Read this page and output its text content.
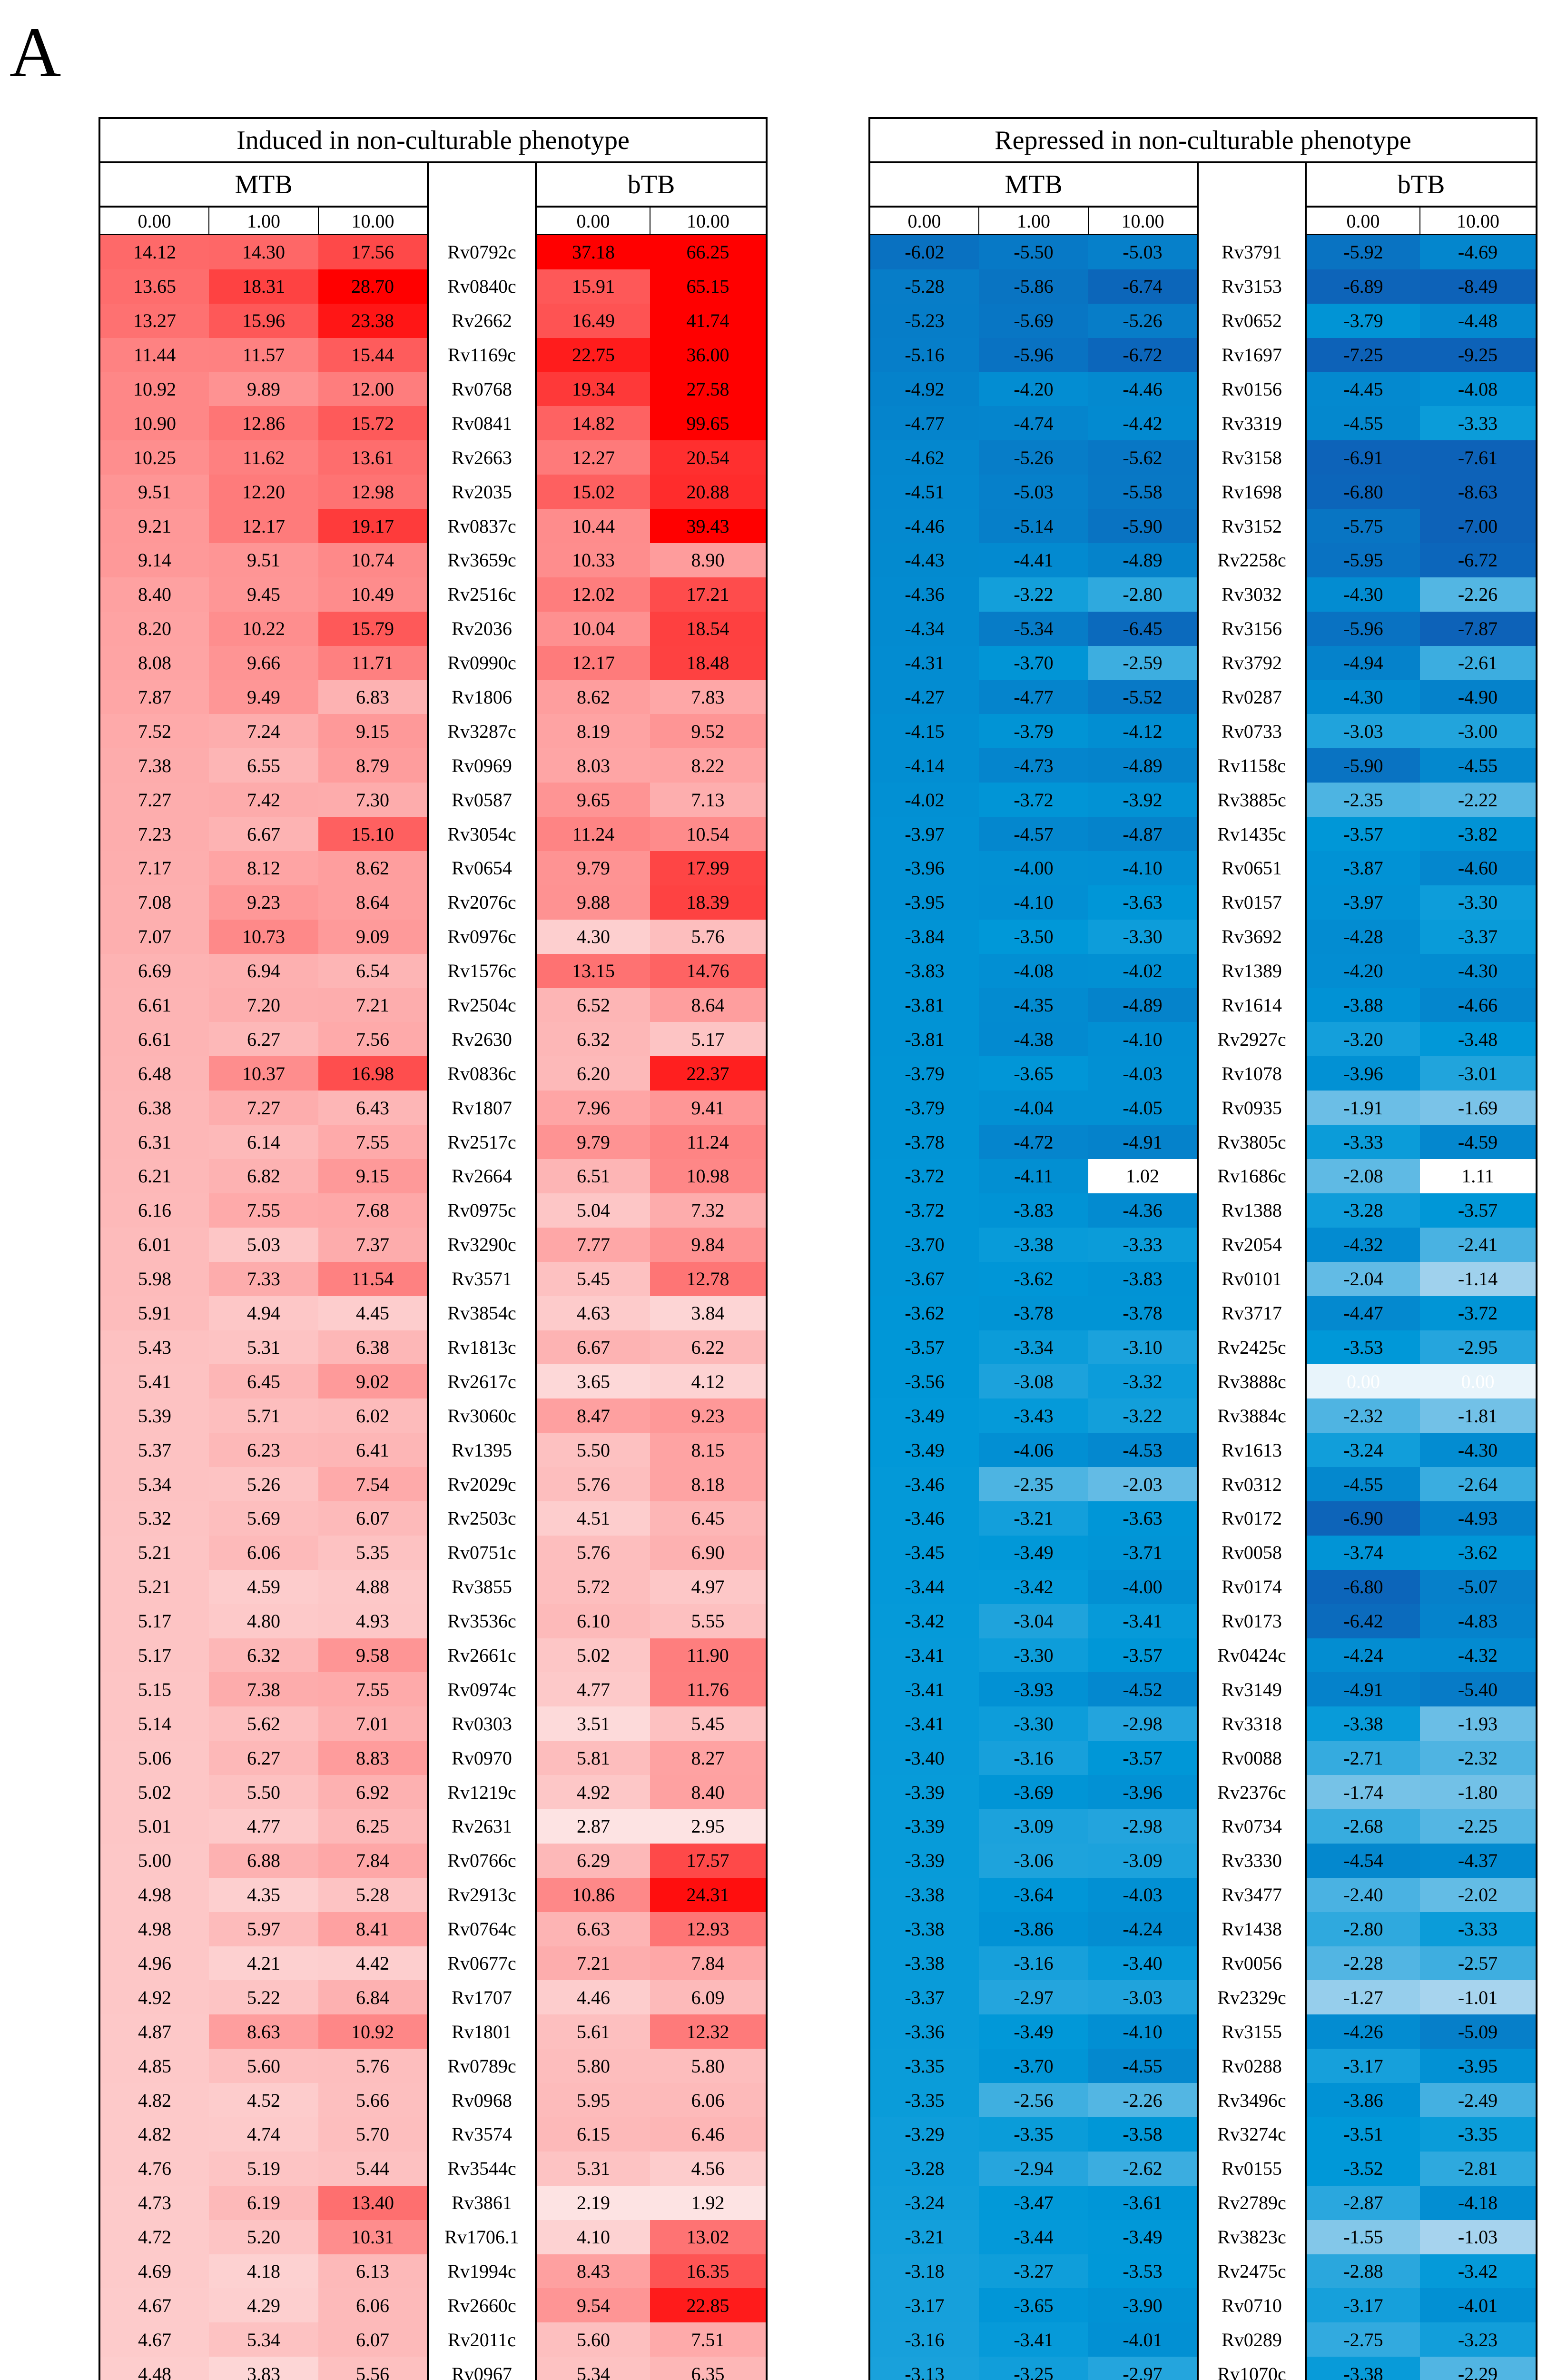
A
Induced in non-culturable phenotype					
MTB				bTB	
0.00	1.00	10.00		0.00	10.00
14.12	14.30	17.56	Rv0792c	37.18	66.25
13.65	18.31	28.70	Rv0840c	15.91	65.15
13.27	15.96	23.38	Rv2662	16.49	41.74
11.44	11.57	15.44	Rv1169c	22.75	36.00
10.92	9.89	12.00	Rv0768	19.34	27.58
10.90	12.86	15.72	Rv0841	14.82	99.65
10.25	11.62	13.61	Rv2663	12.27	20.54
9.51	12.20	12.98	Rv2035	15.02	20.88
9.21	12.17	19.17	Rv0837c	10.44	39.43
9.14	9.51	10.74	Rv3659c	10.33	8.90
8.40	9.45	10.49	Rv2516c	12.02	17.21
8.20	10.22	15.79	Rv2036	10.04	18.54
8.08	9.66	11.71	Rv0990c	12.17	18.48
7.87	9.49	6.83	Rv1806	8.62	7.83
7.52	7.24	9.15	Rv3287c	8.19	9.52
7.38	6.55	8.79	Rv0969	8.03	8.22
7.27	7.42	7.30	Rv0587	9.65	7.13
7.23	6.67	15.10	Rv3054c	11.24	10.54
7.17	8.12	8.62	Rv0654	9.79	17.99
7.08	9.23	8.64	Rv2076c	9.88	18.39
7.07	10.73	9.09	Rv0976c	4.30	5.76
6.69	6.94	6.54	Rv1576c	13.15	14.76
6.61	7.20	7.21	Rv2504c	6.52	8.64
6.61	6.27	7.56	Rv2630	6.32	5.17
6.48	10.37	16.98	Rv0836c	6.20	22.37
6.38	7.27	6.43	Rv1807	7.96	9.41
6.31	6.14	7.55	Rv2517c	9.79	11.24
6.21	6.82	9.15	Rv2664	6.51	10.98
6.16	7.55	7.68	Rv0975c	5.04	7.32
6.01	5.03	7.37	Rv3290c	7.77	9.84
5.98	7.33	11.54	Rv3571	5.45	12.78
5.91	4.94	4.45	Rv3854c	4.63	3.84
5.43	5.31	6.38	Rv1813c	6.67	6.22
5.41	6.45	9.02	Rv2617c	3.65	4.12
5.39	5.71	6.02	Rv3060c	8.47	9.23
5.37	6.23	6.41	Rv1395	5.50	8.15
5.34	5.26	7.54	Rv2029c	5.76	8.18
5.32	5.69	6.07	Rv2503c	4.51	6.45
5.21	6.06	5.35	Rv0751c	5.76	6.90
5.21	4.59	4.88	Rv3855	5.72	4.97
5.17	4.80	4.93	Rv3536c	6.10	5.55
5.17	6.32	9.58	Rv2661c	5.02	11.90
5.15	7.38	7.55	Rv0974c	4.77	11.76
5.14	5.62	7.01	Rv0303	3.51	5.45
5.06	6.27	8.83	Rv0970	5.81	8.27
5.02	5.50	6.92	Rv1219c	4.92	8.40
5.01	4.77	6.25	Rv2631	2.87	2.95
5.00	6.88	7.84	Rv0766c	6.29	17.57
4.98	4.35	5.28	Rv2913c	10.86	24.31
4.98	5.97	8.41	Rv0764c	6.63	12.93
4.96	4.21	4.42	Rv0677c	7.21	7.84
4.92	5.22	6.84	Rv1707	4.46	6.09
4.87	8.63	10.92	Rv1801	5.61	12.32
4.85	5.60	5.76	Rv0789c	5.80	5.80
4.82	4.52	5.66	Rv0968	5.95	6.06
4.82	4.74	5.70	Rv3574	6.15	6.46
4.76	5.19	5.44	Rv3544c	5.31	4.56
4.73	6.19	13.40	Rv3861	2.19	1.92
4.72	5.20	10.31	Rv1706.1	4.10	13.02
4.69	4.18	6.13	Rv1994c	8.43	16.35
4.67	4.29	6.06	Rv2660c	9.54	22.85
4.67	5.34	6.07	Rv2011c	5.60	7.51
4.48	3.83	5.56	Rv0967	5.34	6.35

Repressed in non-culturable phenotype					
MTB				bTB	
0.00	1.00	10.00		0.00	10.00
-6.02	-5.50	-5.03	Rv3791	-5.92	-4.69
-5.28	-5.86	-6.74	Rv3153	-6.89	-8.49
-5.23	-5.69	-5.26	Rv0652	-3.79	-4.48
-5.16	-5.96	-6.72	Rv1697	-7.25	-9.25
-4.92	-4.20	-4.46	Rv0156	-4.45	-4.08
-4.77	-4.74	-4.42	Rv3319	-4.55	-3.33
-4.62	-5.26	-5.62	Rv3158	-6.91	-7.61
-4.51	-5.03	-5.58	Rv1698	-6.80	-8.63
-4.46	-5.14	-5.90	Rv3152	-5.75	-7.00
-4.43	-4.41	-4.89	Rv2258c	-5.95	-6.72
-4.36	-3.22	-2.80	Rv3032	-4.30	-2.26
-4.34	-5.34	-6.45	Rv3156	-5.96	-7.87
-4.31	-3.70	-2.59	Rv3792	-4.94	-2.61
-4.27	-4.77	-5.52	Rv0287	-4.30	-4.90
-4.15	-3.79	-4.12	Rv0733	-3.03	-3.00
-4.14	-4.73	-4.89	Rv1158c	-5.90	-4.55
-4.02	-3.72	-3.92	Rv3885c	-2.35	-2.22
-3.97	-4.57	-4.87	Rv1435c	-3.57	-3.82
-3.96	-4.00	-4.10	Rv0651	-3.87	-4.60
-3.95	-4.10	-3.63	Rv0157	-3.97	-3.30
-3.84	-3.50	-3.30	Rv3692	-4.28	-3.37
-3.83	-4.08	-4.02	Rv1389	-4.20	-4.30
-3.81	-4.35	-4.89	Rv1614	-3.88	-4.66
-3.81	-4.38	-4.10	Rv2927c	-3.20	-3.48
-3.79	-3.65	-4.03	Rv1078	-3.96	-3.01
-3.79	-4.04	-4.05	Rv0935	-1.91	-1.69
-3.78	-4.72	-4.91	Rv3805c	-3.33	-4.59
-3.72	-4.11	1.02	Rv1686c	-2.08	1.11
-3.72	-3.83	-4.36	Rv1388	-3.28	-3.57
-3.70	-3.38	-3.33	Rv2054	-4.32	-2.41
-3.67	-3.62	-3.83	Rv0101	-2.04	-1.14
-3.62	-3.78	-3.78	Rv3717	-4.47	-3.72
-3.57	-3.34	-3.10	Rv2425c	-3.53	-2.95
-3.56	-3.08	-3.32	Rv3888c	0.00	0.00
-3.49	-3.43	-3.22	Rv3884c	-2.32	-1.81
-3.49	-4.06	-4.53	Rv1613	-3.24	-4.30
-3.46	-2.35	-2.03	Rv0312	-4.55	-2.64
-3.46	-3.21	-3.63	Rv0172	-6.90	-4.93
-3.45	-3.49	-3.71	Rv0058	-3.74	-3.62
-3.44	-3.42	-4.00	Rv0174	-6.80	-5.07
-3.42	-3.04	-3.41	Rv0173	-6.42	-4.83
-3.41	-3.30	-3.57	Rv0424c	-4.24	-4.32
-3.41	-3.93	-4.52	Rv3149	-4.91	-5.40
-3.41	-3.30	-2.98	Rv3318	-3.38	-1.93
-3.40	-3.16	-3.57	Rv0088	-2.71	-2.32
-3.39	-3.69	-3.96	Rv2376c	-1.74	-1.80
-3.39	-3.09	-2.98	Rv0734	-2.68	-2.25
-3.39	-3.06	-3.09	Rv3330	-4.54	-4.37
-3.38	-3.64	-4.03	Rv3477	-2.40	-2.02
-3.38	-3.86	-4.24	Rv1438	-2.80	-3.33
-3.38	-3.16	-3.40	Rv0056	-2.28	-2.57
-3.37	-2.97	-3.03	Rv2329c	-1.27	-1.01
-3.36	-3.49	-4.10	Rv3155	-4.26	-5.09
-3.35	-3.70	-4.55	Rv0288	-3.17	-3.95
-3.35	-2.56	-2.26	Rv3496c	-3.86	-2.49
-3.29	-3.35	-3.58	Rv3274c	-3.51	-3.35
-3.28	-2.94	-2.62	Rv0155	-3.52	-2.81
-3.24	-3.47	-3.61	Rv2789c	-2.87	-4.18
-3.21	-3.44	-3.49	Rv3823c	-1.55	-1.03
-3.18	-3.27	-3.53	Rv2475c	-2.88	-3.42
-3.17	-3.65	-3.90	Rv0710	-3.17	-4.01
-3.16	-3.41	-4.01	Rv0289	-2.75	-3.23
-3.13	-3.25	-2.97	Rv1070c	-3.38	-2.29
